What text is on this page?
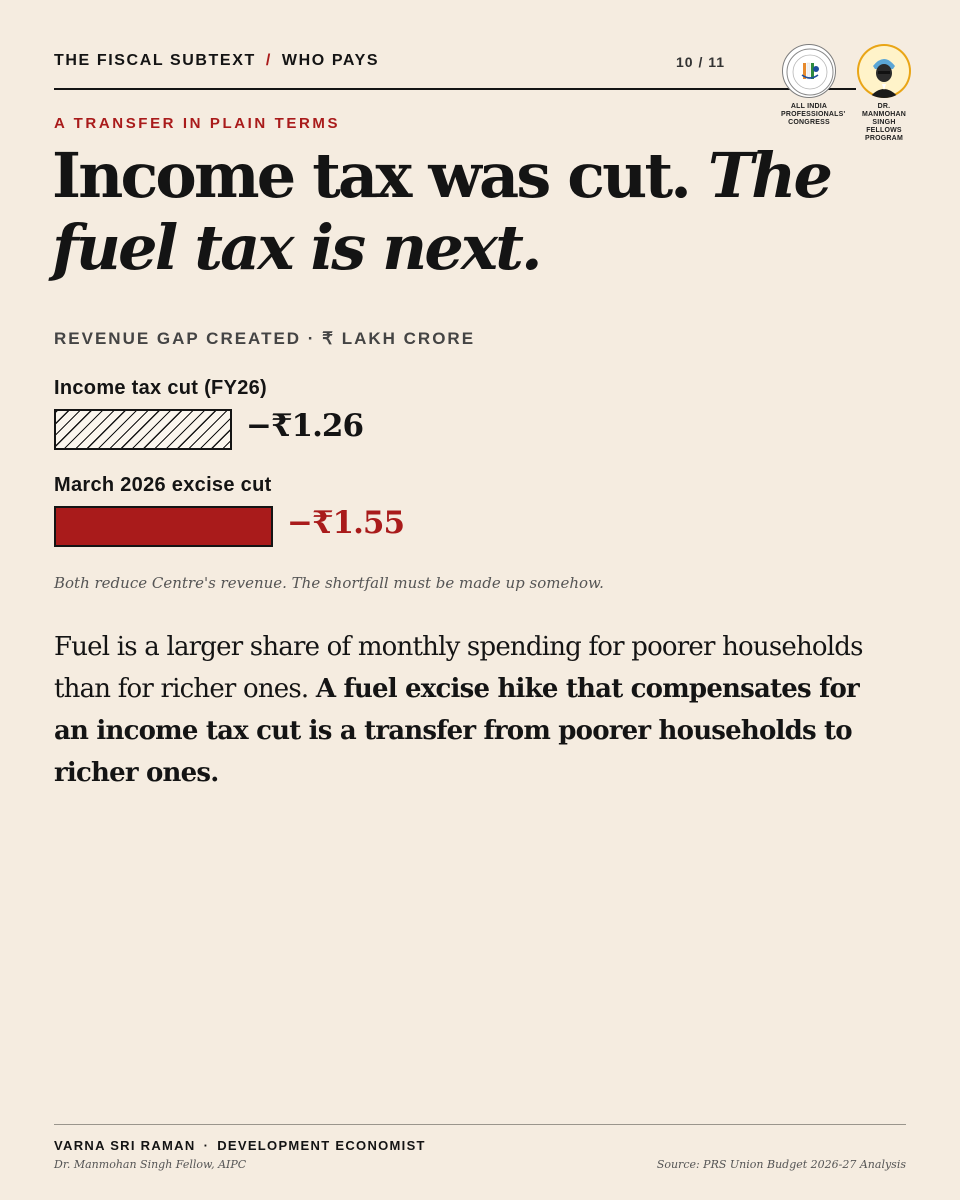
THE FISCAL SUBTEXT / WHO PAYS	10 / 11
ALL INDIA PROFESSIONALS' CONGRESS
DR. MANMOHAN SINGH FELLOWS PROGRAM
A TRANSFER IN PLAIN TERMS
Income tax was cut. The fuel tax is next.
REVENUE GAP CREATED · ₹ LAKH CRORE
Income tax cut (FY26)
−₹1.26
March 2026 excise cut
−₹1.55
Both reduce Centre's revenue. The shortfall must be made up somehow.

Fuel is a larger share of monthly spending for poorer households than for richer ones. A fuel excise hike that compensates for an income tax cut is a transfer from poorer households to richer ones.

VARNA SRI RAMAN · DEVELOPMENT ECONOMIST
Dr. Manmohan Singh Fellow, AIPC	Source: PRS Union Budget 2026-27 Analysis
